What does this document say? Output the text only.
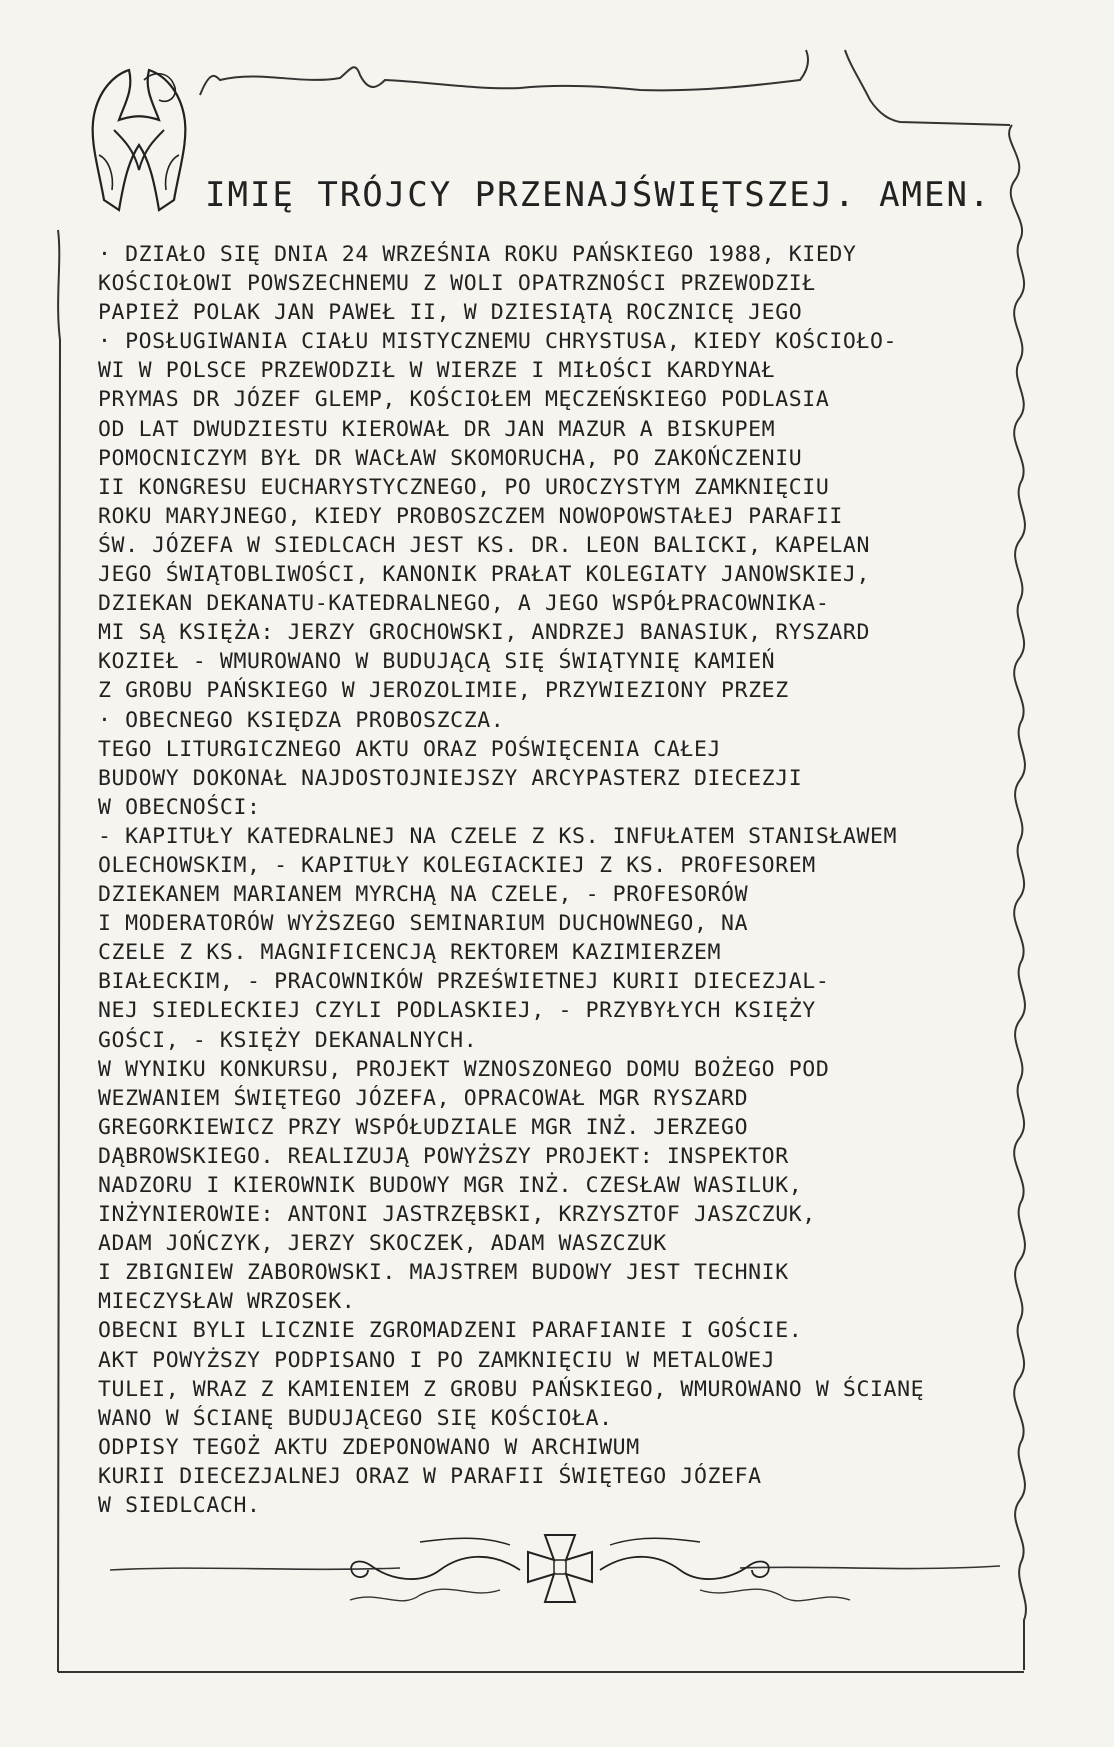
IMIĘ TRÓJCY PRZENAJŚWIĘTSZEJ. AMEN.
· DZIAŁO SIĘ DNIA 24 WRZEŚNIA ROKU PAŃSKIEGO 1988, KIEDY
KOŚCIOŁOWI POWSZECHNEMU Z WOLI OPATRZNOŚCI PRZEWODZIŁ
PAPIEŻ POLAK JAN PAWEŁ II, W DZIESIĄTĄ ROCZNICĘ JEGO
· POSŁUGIWANIA CIAŁU MISTYCZNEMU CHRYSTUSA, KIEDY KOŚCIOŁO-
WI W POLSCE PRZEWODZIŁ W WIERZE I MIŁOŚCI KARDYNAŁ
PRYMAS DR JÓZEF GLEMP, KOŚCIOŁEM MĘCZEŃSKIEGO PODLASIA
OD LAT DWUDZIESTU KIEROWAŁ DR JAN MAZUR A BISKUPEM
POMOCNICZYM BYŁ DR WACŁAW SKOMORUCHA, PO ZAKOŃCZENIU
II KONGRESU EUCHARYSTYCZNEGO, PO UROCZYSTYM ZAMKNIĘCIU
ROKU MARYJNEGO, KIEDY PROBOSZCZEM NOWOPOWSTAŁEJ PARAFII
ŚW. JÓZEFA W SIEDLCACH JEST KS. DR. LEON BALICKI, KAPELAN
JEGO ŚWIĄTOBLIWOŚCI, KANONIK PRAŁAT KOLEGIATY JANOWSKIEJ,
DZIEKAN DEKANATU-KATEDRALNEGO, A JEGO WSPÓŁPRACOWNIKA-
MI SĄ KSIĘŻA: JERZY GROCHOWSKI, ANDRZEJ BANASIUK, RYSZARD
KOZIEŁ - WMUROWANO W BUDUJĄCĄ SIĘ ŚWIĄTYNIĘ KAMIEŃ
Z GROBU PAŃSKIEGO W JEROZOLIMIE, PRZYWIEZIONY PRZEZ
· OBECNEGO KSIĘDZA PROBOSZCZA.
TEGO LITURGICZNEGO AKTU ORAZ POŚWIĘCENIA CAŁEJ
BUDOWY DOKONAŁ NAJDOSTOJNIEJSZY ARCYPASTERZ DIECEZJI
W OBECNOŚCI:
- KAPITUŁY KATEDRALNEJ NA CZELE Z KS. INFUŁATEM STANISŁAWEM
OLECHOWSKIM, - KAPITUŁY KOLEGIACKIEJ Z KS. PROFESOREM
DZIEKANEM MARIANEM MYRCHĄ NA CZELE, - PROFESORÓW
I MODERATORÓW WYŻSZEGO SEMINARIUM DUCHOWNEGO, NA
CZELE Z KS. MAGNIFICENCJĄ REKTOREM KAZIMIERZEM
BIAŁECKIM, - PRACOWNIKÓW PRZEŚWIETNEJ KURII DIECEZJAL-
NEJ SIEDLECKIEJ CZYLI PODLASKIEJ, - PRZYBYŁYCH KSIĘŻY
GOŚCI, - KSIĘŻY DEKANALNYCH.
W WYNIKU KONKURSU, PROJEKT WZNOSZONEGO DOMU BOŻEGO POD
WEZWANIEM ŚWIĘTEGO JÓZEFA, OPRACOWAŁ MGR RYSZARD
GREGORKIEWICZ PRZY WSPÓŁUDZIALE MGR INŻ. JERZEGO
DĄBROWSKIEGO. REALIZUJĄ POWYŻSZY PROJEKT: INSPEKTOR
NADZORU I KIEROWNIK BUDOWY MGR INŻ. CZESŁAW WASILUK,
INŻYNIEROWIE: ANTONI JASTRZĘBSKI, KRZYSZTOF JASZCZUK,
ADAM JOŃCZYK, JERZY SKOCZEK, ADAM WASZCZUK
I ZBIGNIEW ZABOROWSKI. MAJSTREM BUDOWY JEST TECHNIK
MIECZYSŁAW WRZOSEK.
OBECNI BYLI LICZNIE ZGROMADZENI PARAFIANIE I GOŚCIE.
AKT POWYŻSZY PODPISANO I PO ZAMKNIĘCIU W METALOWEJ
TULEI, WRAZ Z KAMIENIEM Z GROBU PAŃSKIEGO, WMUROWANO W ŚCIANĘ
WANO W ŚCIANĘ BUDUJĄCEGO SIĘ KOŚCIOŁA.
ODPISY TEGOŻ AKTU ZDEPONOWANO W ARCHIWUM
KURII DIECEZJALNEJ ORAZ W PARAFII ŚWIĘTEGO JÓZEFA
W SIEDLCACH.
